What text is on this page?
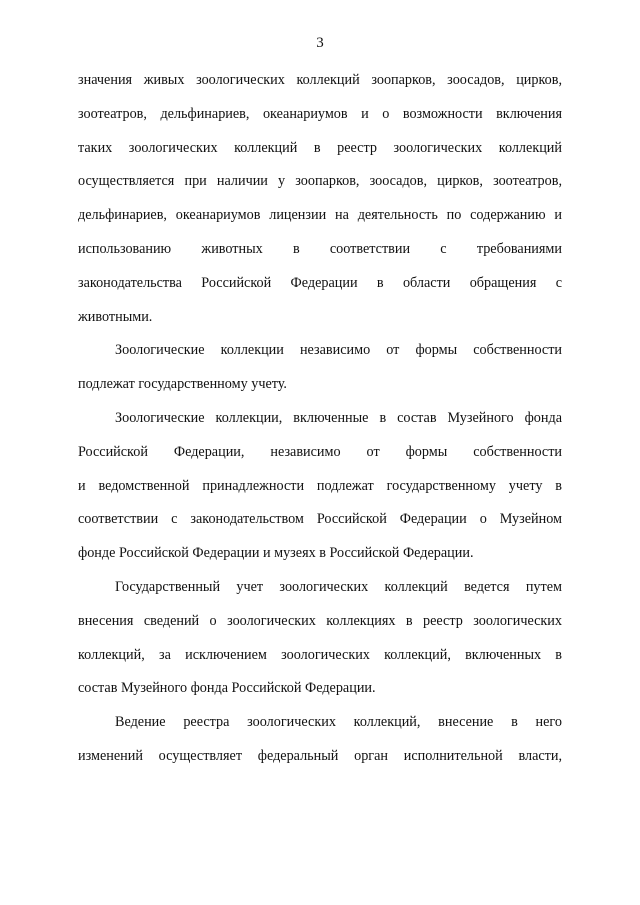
3

значения живых зоологических коллекций зоопарков, зоосадов, цирков,

зоотеатров, дельфинариев, океанариумов и о возможности включения

таких зоологических коллекций в реестр зоологических коллекций

осуществляется при наличии у зоопарков, зоосадов, цирков, зоотеатров,

дельфинариев, океанариумов лицензии на деятельность по содержанию и

использованию животных в соответствии с требованиями

законодательства Российской Федерации в области обращения с

животными.

Зоологические коллекции независимо от формы собственности

подлежат государственному учету.

Зоологические коллекции, включенные в состав Музейного фонда

Российской Федерации, независимо от формы собственности

и ведомственной принадлежности подлежат государственному учету в

соответствии с законодательством Российской Федерации о Музейном

фонде Российской Федерации и музеях в Российской Федерации.

Государственный учет зоологических коллекций ведется путем

внесения сведений о зоологических коллекциях в реестр зоологических

коллекций, за исключением зоологических коллекций, включенных в

состав Музейного фонда Российской Федерации.

Ведение реестра зоологических коллекций, внесение в него

изменений осуществляет федеральный орган исполнительной власти,
